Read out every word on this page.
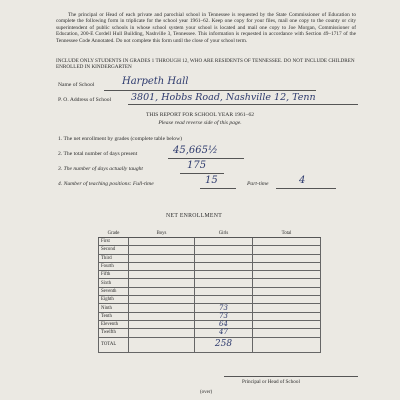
The principal or Head of each private and parochial school in Tennessee is requested by the State Commissioner of Education to complete the following form in triplicate for the school year 1961–62. Keep one copy for your files, mail one copy to the county or city superintendent of public schools in whose school system your school is located and mail one copy to Joe Morgan, Commissioner of Education, 200-E Cordell Hull Building, Nashville 3, Tennessee. This information is requested in accordance with Section 49–1717 of the Tennessee Code Annotated. Do not complete this form until the close of your school term.

INCLUDE ONLY STUDENTS IN GRADES 1 THROUGH 12, WHO ARE RESIDENTS OF TENNESSEE. DO NOT INCLUDE CHILDREN ENROLLED IN KINDERGARTEN
Name of School	Harpeth Hall
P. O. Address of School 3801, Hobbs Road, Nashville 12, Tenn
THIS REPORT FOR SCHOOL YEAR 1961–62
Please read reverse side of this page.
1. The net enrollment by grades (complete table below)
2. The total number of days present	45,665½
3. The number of days actually taught	175
4. Number of teaching positions: Full-time	15	Part-time	4
NET ENROLLMENT
Grade	Boys	Girls	Total
First			
Second			
Third			
Fourth			
Fifth			
Sixth			
Seventh			
Eighth			
Ninth		73	
Tenth		73	
Eleventh		64	
Twelfth		47	
TOTAL		258	
Principal or Head of School
(over)
